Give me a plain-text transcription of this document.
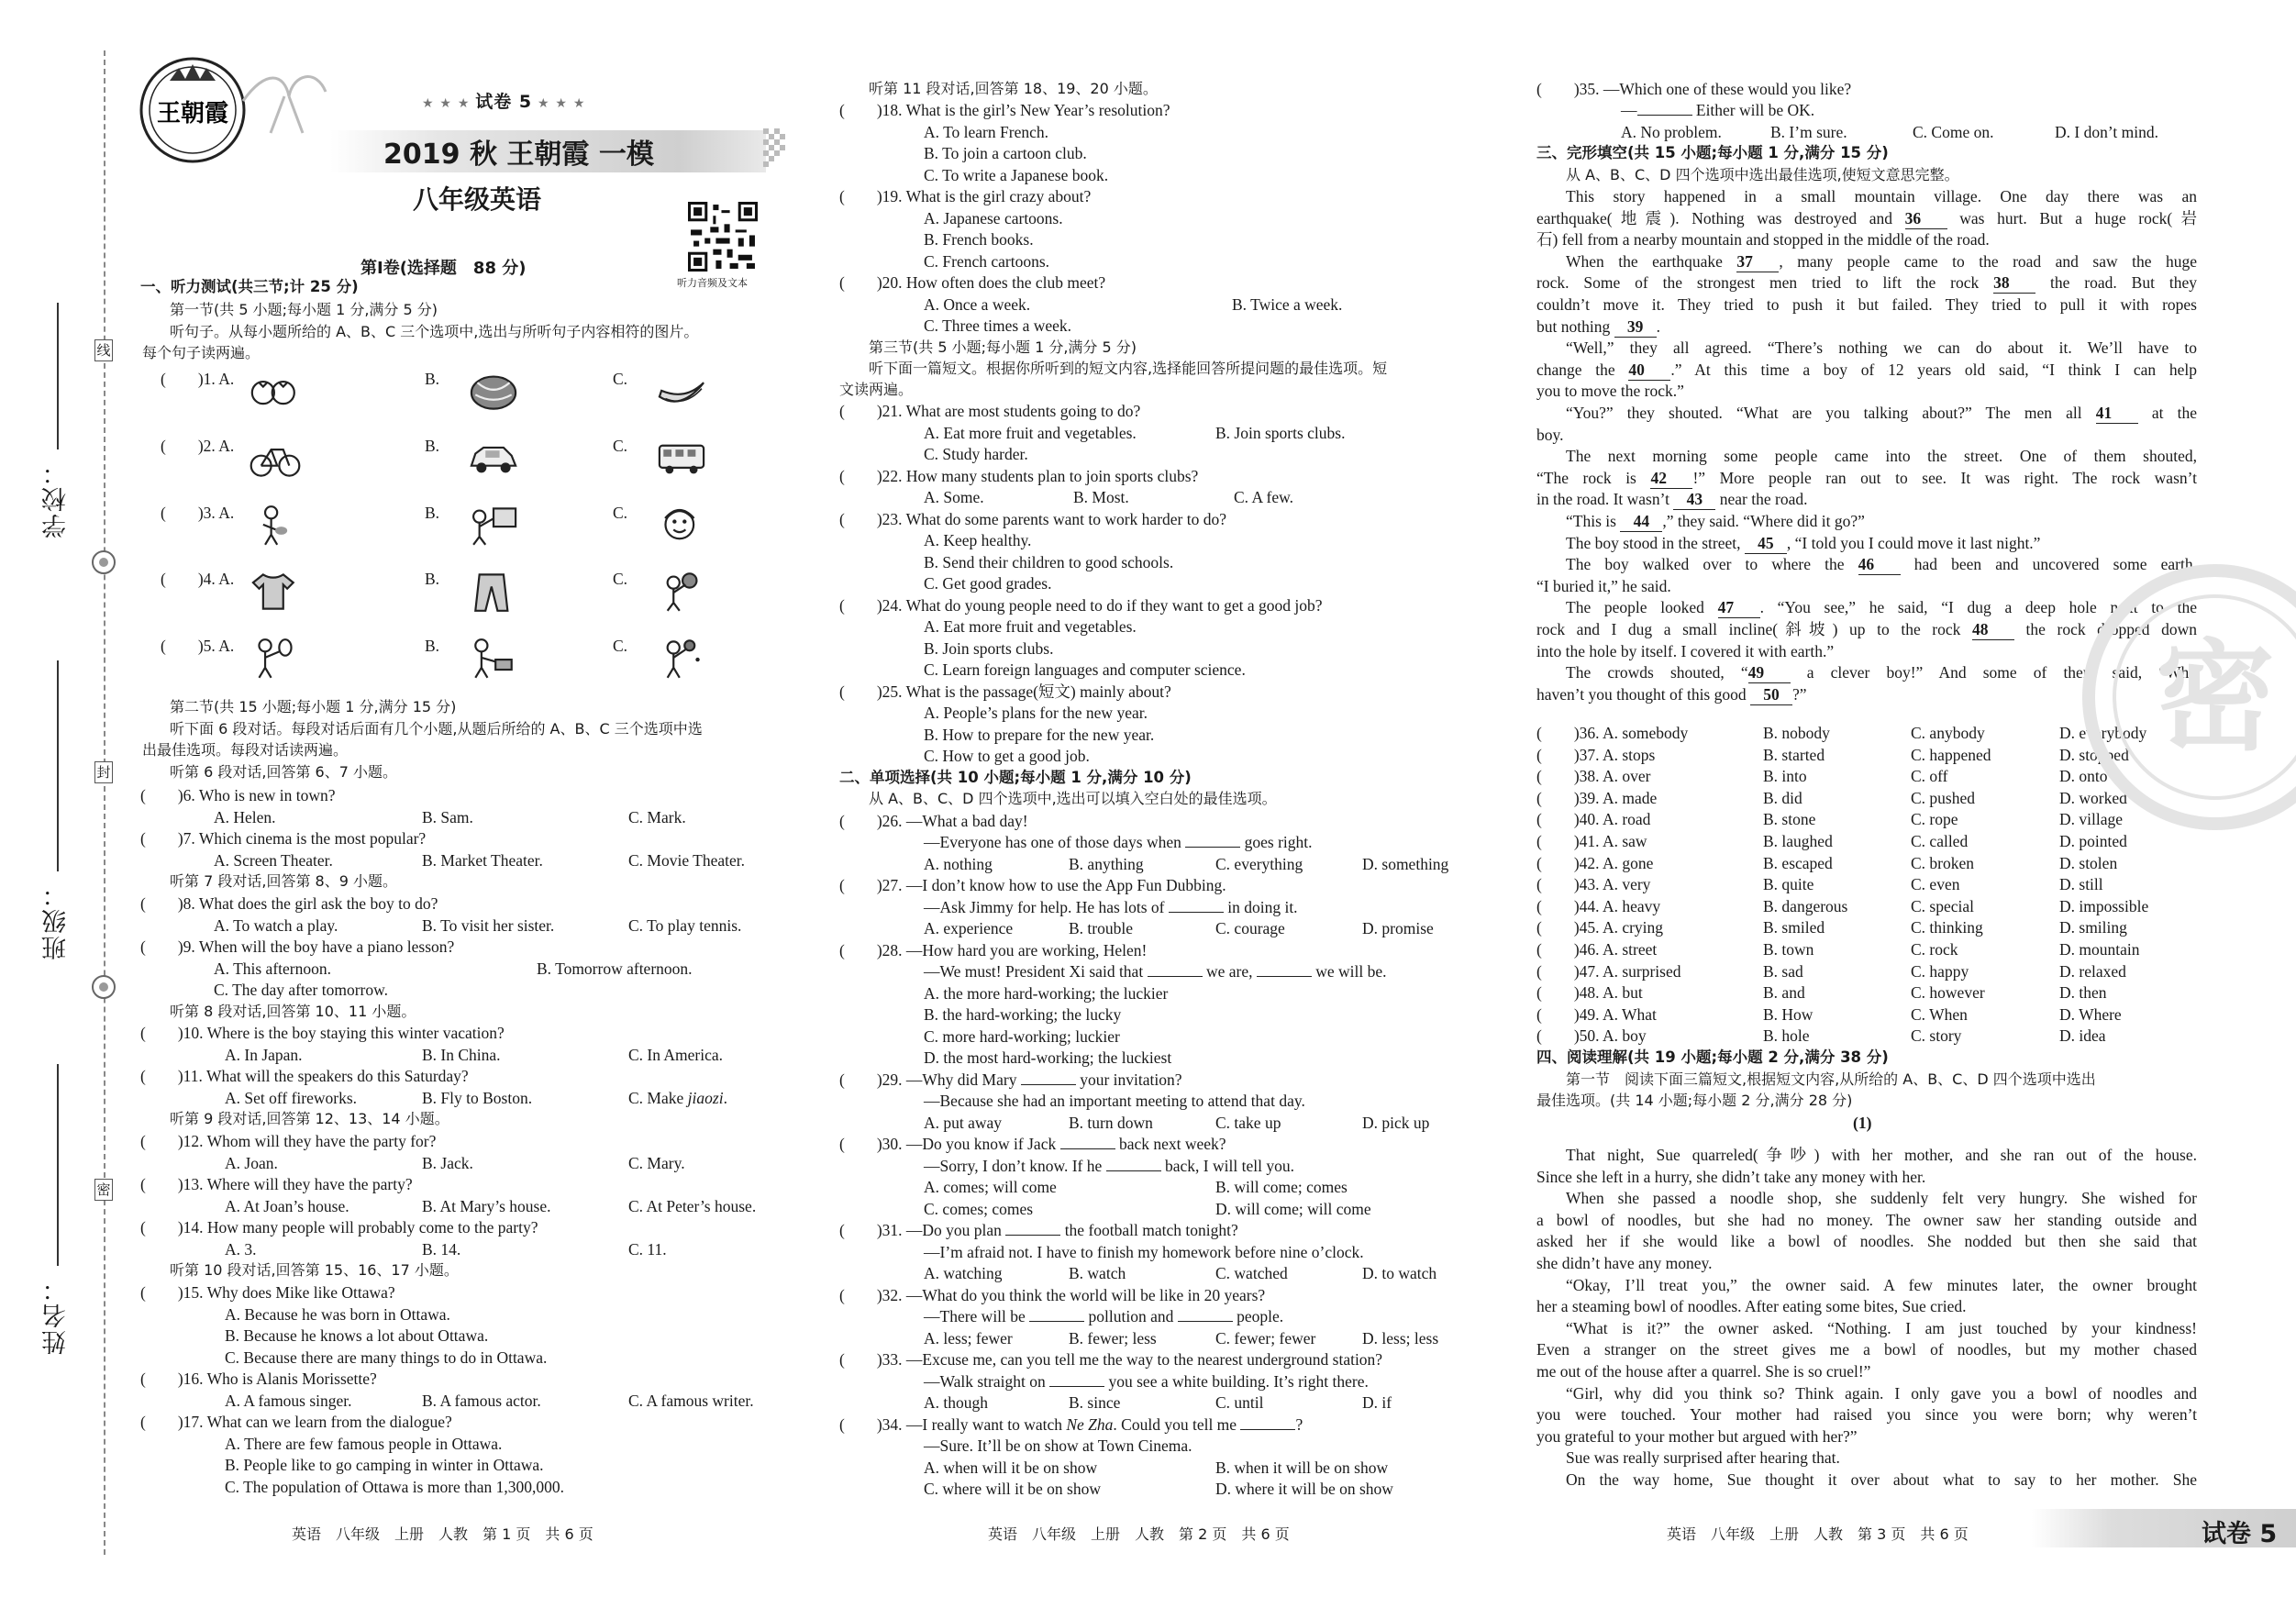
线
封
密
学校：
班级：
姓名：
王朝霞	★ ★ ★ 试卷 5 ★ ★ ★
2019 秋 王朝霞 一模
八年级英语
听力音频及文本
第Ⅰ卷(选择题　88 分)
一、听力测试(共三节;计 25 分)
第一节(共 5 小题;每小题 1 分,满分 5 分)
听句子。从每小题所给的 A、B、C 三个选项中,选出与所听句子内容相符的图片。
每个句子读两遍。
(　　)1. A.	B.	C.
(　　)2. A.	B.	C.
(　　)3. A.	B.	C.
(　　)4. A.	B.	C.
(　　)5. A.	B.	C.
第二节(共 15 小题;每小题 1 分,满分 15 分)
听下面 6 段对话。每段对话后面有几个小题,从题后所给的 A、B、C 三个选项中选
出最佳选项。每段对话读两遍。
听第 6 段对话,回答第 6、7 小题。
(　　)6. Who is new in town?
A. Helen.	B. Sam.	C. Mark.
(　　)7. Which cinema is the most popular?
A. Screen Theater.	B. Market Theater.	C. Movie Theater.
听第 7 段对话,回答第 8、9 小题。
(　　)8. What does the girl ask the boy to do?
A. To watch a play.	B. To visit her sister.	C. To play tennis.
(　　)9. When will the boy have a piano lesson?
A. This afternoon.	B. Tomorrow afternoon.
C. The day after tomorrow.
听第 8 段对话,回答第 10、11 小题。
(　　)10. Where is the boy staying this winter vacation?
A. In Japan.	B. In China.	C. In America.
(　　)11. What will the speakers do this Saturday?
A. Set off fireworks.	B. Fly to Boston.	C. Make jiaozi.
听第 9 段对话,回答第 12、13、14 小题。
(　　)12. Whom will they have the party for?
A. Joan.	B. Jack.	C. Mary.
(　　)13. Where will they have the party?
A. At Joan’s house.	B. At Mary’s house.	C. At Peter’s house.
(　　)14. How many people will probably come to the party?
A. 3.	B. 14.	C. 11.
听第 10 段对话,回答第 15、16、17 小题。
(　　)15. Why does Mike like Ottawa?
A. Because he was born in Ottawa.
B. Because he knows a lot about Ottawa.
C. Because there are many things to do in Ottawa.
(　　)16. Who is Alanis Morissette?
A. A famous singer.	B. A famous actor.	C. A famous writer.
(　　)17. What can we learn from the dialogue?
A. There are few famous people in Ottawa.
B. People like to go camping in winter in Ottawa.
C. The population of Ottawa is more than 1,300,000.
英语　八年级　上册　人教　第 1 页　共 6 页
听第 11 段对话,回答第 18、19、20 小题。
(　　)18. What is the girl’s New Year’s resolution?
A. To learn French.
B. To join a cartoon club.
C. To write a Japanese book.
(　　)19. What is the girl crazy about?
A. Japanese cartoons.
B. French books.
C. French cartoons.
(　　)20. How often does the club meet?
A. Once a week.	B. Twice a week.
C. Three times a week.
第三节(共 5 小题;每小题 1 分,满分 5 分)
听下面一篇短文。根据你所听到的短文内容,选择能回答所提问题的最佳选项。短
文读两遍。
(　　)21. What are most students going to do?
A. Eat more fruit and vegetables.	B. Join sports clubs.
C. Study harder.
(　　)22. How many students plan to join sports clubs?
A. Some.	B. Most.	C. A few.
(　　)23. What do some parents want to work harder to do?
A. Keep healthy.
B. Send their children to good schools.
C. Get good grades.
(　　)24. What do young people need to do if they want to get a good job?
A. Eat more fruit and vegetables.
B. Join sports clubs.
C. Learn foreign languages and computer science.
(　　)25. What is the passage(短文) mainly about?
A. People’s plans for the new year.
B. How to prepare for the new year.
C. How to get a good job.
二、单项选择(共 10 小题;每小题 1 分,满分 10 分)
从 A、B、C、D 四个选项中,选出可以填入空白处的最佳选项。
(　　)26. —What a bad day!
—Everyone has one of those days when	goes right.
A. nothing	B. anything	C. everything	D. something
(　　)27. —I don’t know how to use the App Fun Dubbing.
—Ask Jimmy for help. He has lots of	in doing it.
A. experience	B. trouble	C. courage	D. promise
(　　)28. —How hard you are working, Helen!
—We must! President Xi said that	we are,	we will be.
A. the more hard-working; the luckier
B. the hard-working; the lucky
C. more hard-working; luckier
D. the most hard-working; the luckiest
(　　)29. —Why did Mary	your invitation?
—Because she had an important meeting to attend that day.
A. put away	B. turn down	C. take up	D. pick up
(　　)30. —Do you know if Jack	back next week?
—Sorry, I don’t know. If he	back, I will tell you.
A. comes; will come	B. will come; comes
C. comes; comes	D. will come; will come
(　　)31. —Do you plan	the football match tonight?
—I’m afraid not. I have to finish my homework before nine o’clock.
A. watching	B. watch	C. watched	D. to watch
(　　)32. —What do you think the world will be like in 20 years?
—There will be	pollution and	people.
A. less; fewer	B. fewer; less	C. fewer; fewer	D. less; less
(　　)33. —Excuse me, can you tell me the way to the nearest underground station?
—Walk straight on	you see a white building. It’s right there.
A. though	B. since	C. until	D. if
(　　)34. —I really want to watch Ne Zha. Could you tell me	?
—Sure. It’ll be on show at Town Cinema.
A. when will it be on show	B. when it will be on show
C. where will it be on show	D. where it will be on show
英语　八年级　上册　人教　第 2 页　共 6 页
(　　)35. —Which one of these would you like?
—	Either will be OK.
A. No problem.	B. I’m sure.	C. Come on.	D. I don’t mind.
三、完形填空(共 15 小题;每小题 1 分,满分 15 分)
从 A、B、C、D 四个选项中选出最佳选项,使短文意思完整。
This story happened in a small mountain village. One day there was an
earthquake(地震). Nothing was destroyed and 36 was hurt. But a huge rock(岩
石) fell from a nearby mountain and stopped in the middle of the road.
When the earthquake 37 , many people came to the road and saw the huge
rock. Some of the strongest men tried to lift the rock 38 the road. But they
couldn’t move it. They tried to push it but failed. They tried to pull it with ropes
but nothing 39 .
“Well,” they all agreed. “There’s nothing we can do about it. We’ll have to
change the 40 .” At this time a boy of 12 years old said, “I think I can help
you to move the rock.”
“You?” they shouted. “What are you talking about?” The men all 41 at the
boy.
The next morning some people came into the street. One of them shouted,
“The rock is 42 !” More people ran out to see. It was right. The rock wasn’t
in the road. It wasn’t 43 near the road.
“This is 44 ,” they said. “Where did it go?”
The boy stood in the street, 45 , “I told you I could move it last night.”
The boy walked over to where the 46 had been and uncovered some earth.
“I buried it,” he said.
The people looked 47 . “You see,” he said, “I dug a deep hole next to the
rock and I dug a small incline(斜坡) up to the rock 48 the rock dropped down
into the hole by itself. I covered it with earth.”
The crowds shouted, “49 a clever boy!” And some of them said, “Why
haven’t you thought of this good 50 ?”
(　　)36. A. somebody	B. nobody	C. anybody	D. everybody
(　　)37. A. stops	B. started	C. happened	D. stopped
(　　)38. A. over	B. into	C. off	D. onto
(　　)39. A. made	B. did	C. pushed	D. worked
(　　)40. A. road	B. stone	C. rope	D. village
(　　)41. A. saw	B. laughed	C. called	D. pointed
(　　)42. A. gone	B. escaped	C. broken	D. stolen
(　　)43. A. very	B. quite	C. even	D. still
(　　)44. A. heavy	B. dangerous	C. special	D. impossible
(　　)45. A. crying	B. smiled	C. thinking	D. smiling
(　　)46. A. street	B. town	C. rock	D. mountain
(　　)47. A. surprised	B. sad	C. happy	D. relaxed
(　　)48. A. but	B. and	C. however	D. then
(　　)49. A. What	B. How	C. When	D. Where
(　　)50. A. boy	B. hole	C. story	D. idea
四、阅读理解(共 19 小题;每小题 2 分,满分 38 分)
第一节　阅读下面三篇短文,根据短文内容,从所给的 A、B、C、D 四个选项中选出
最佳选项。(共 14 小题;每小题 2 分,满分 28 分)
(1)
That night, Sue quarreled(争吵) with her mother, and she ran out of the house.
Since she left in a hurry, she didn’t take any money with her.
When she passed a noodle shop, she suddenly felt very hungry. She wished for
a bowl of noodles, but she had no money. The owner saw her standing outside and
asked her if she would like a bowl of noodles. She nodded but then she said that
she didn’t have any money.
“Okay, I’ll treat you,” the owner said. A few minutes later, the owner brought
her a steaming bowl of noodles. After eating some bites, Sue cried.
“What is it?” the owner asked. “Nothing. I am just touched by your kindness!
Even a stranger on the street gives me a bowl of noodles, but my mother chased
me out of the house after a quarrel. She is so cruel!”
“Girl, why did you think so? Think again. I only gave you a bowl of noodles and
you were touched. Your mother had raised you since you were born; why weren’t
you grateful to your mother but argued with her?”
Sue was really surprised after hearing that.
On the way home, Sue thought it over about what to say to her mother. She
英语　八年级　上册　人教　第 3 页　共 6 页	试卷 5
密
